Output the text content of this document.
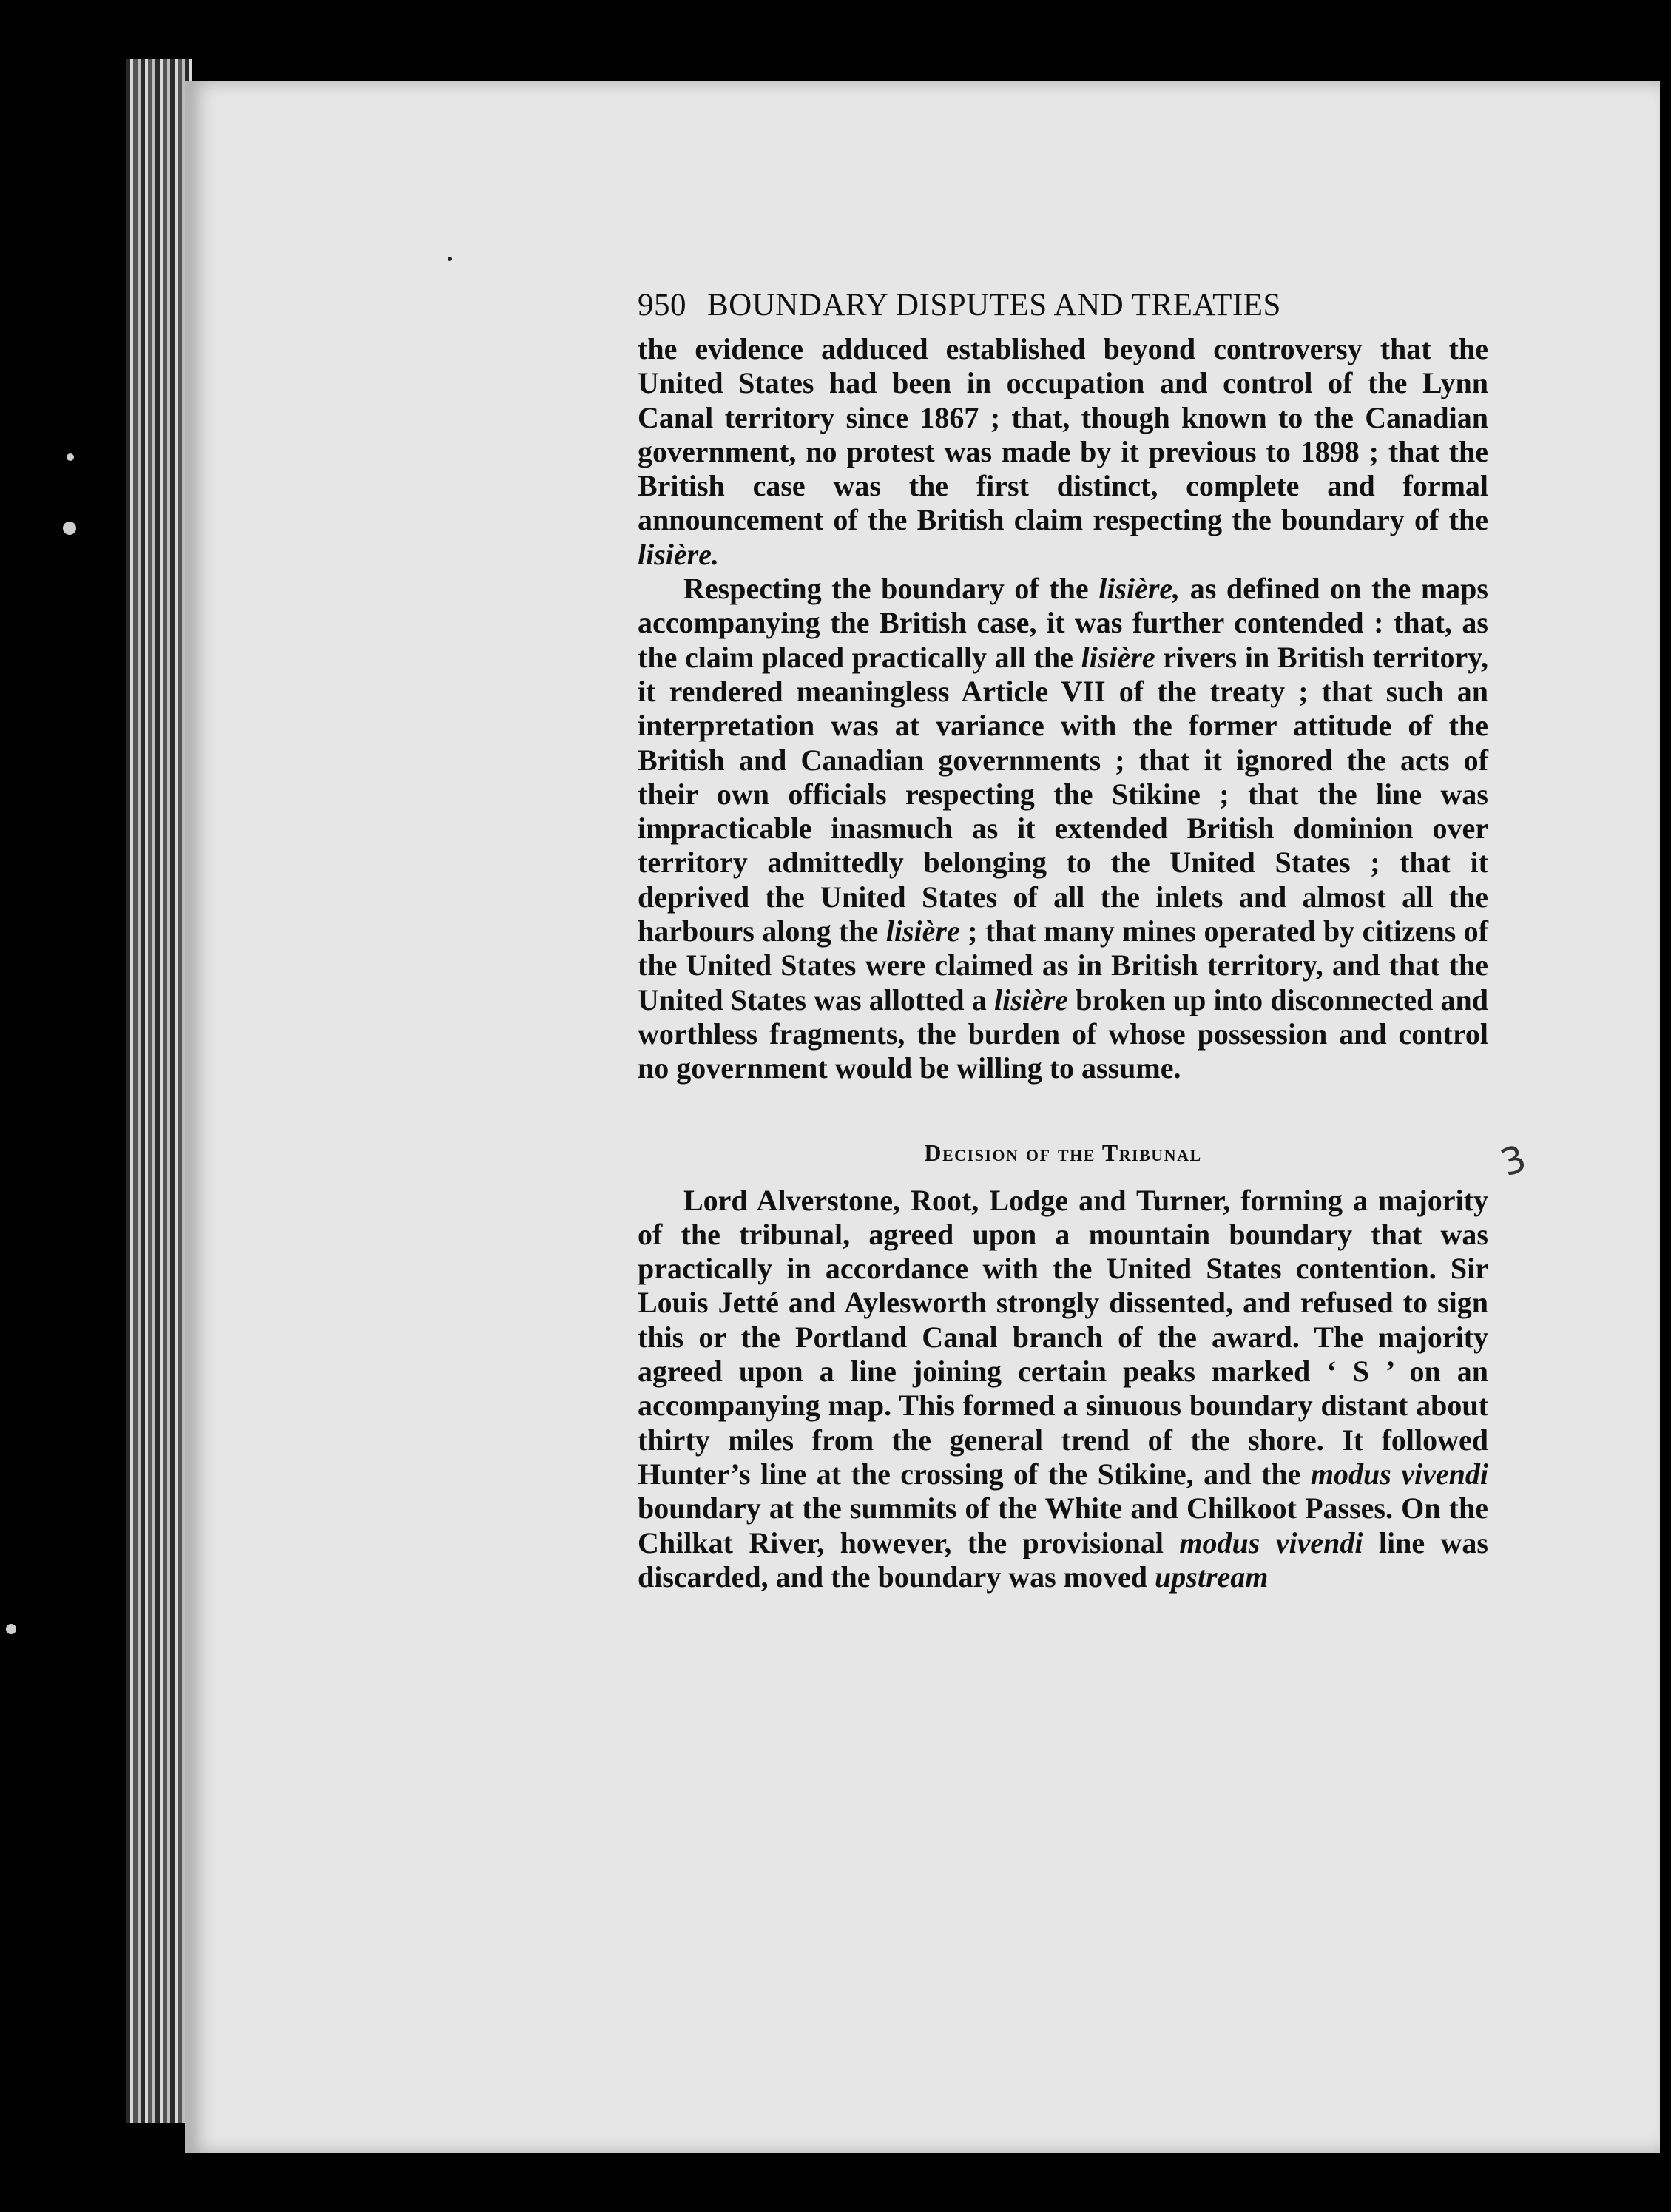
950 BOUNDARY DISPUTES AND TREATIES

the evidence adduced established beyond controversy that the United States had been in occupation and control of the Lynn Canal territory since 1867 ; that, though known to the Canadian government, no protest was made by it previous to 1898 ; that the British case was the first distinct, complete and formal announcement of the British claim respecting the boundary of the lisière.

Respecting the boundary of the lisière, as defined on the maps accompanying the British case, it was further contended : that, as the claim placed practically all the lisière rivers in British territory, it rendered meaningless Article VII of the treaty ; that such an interpretation was at variance with the former attitude of the British and Canadian governments ; that it ignored the acts of their own officials respecting the Stikine ; that the line was impracticable inasmuch as it extended British dominion over territory admittedly belonging to the United States ; that it deprived the United States of all the inlets and almost all the harbours along the lisière ; that many mines operated by citizens of the United States were claimed as in British territory, and that the United States was allotted a lisière broken up into disconnected and worthless fragments, the burden of whose possession and control no government would be willing to assume.

Decision of the Tribunal

Lord Alverstone, Root, Lodge and Turner, forming a majority of the tribunal, agreed upon a mountain boundary that was practically in accordance with the United States contention. Sir Louis Jetté and Aylesworth strongly dissented, and refused to sign this or the Portland Canal branch of the award. The majority agreed upon a line joining certain peaks marked ‘ S ’ on an accompanying map. This formed a sinuous boundary distant about thirty miles from the general trend of the shore. It followed Hunter’s line at the crossing of the Stikine, and the modus vivendi boundary at the summits of the White and Chilkoot Passes. On the Chilkat River, however, the provisional modus vivendi line was discarded, and the boundary was moved upstream

3
